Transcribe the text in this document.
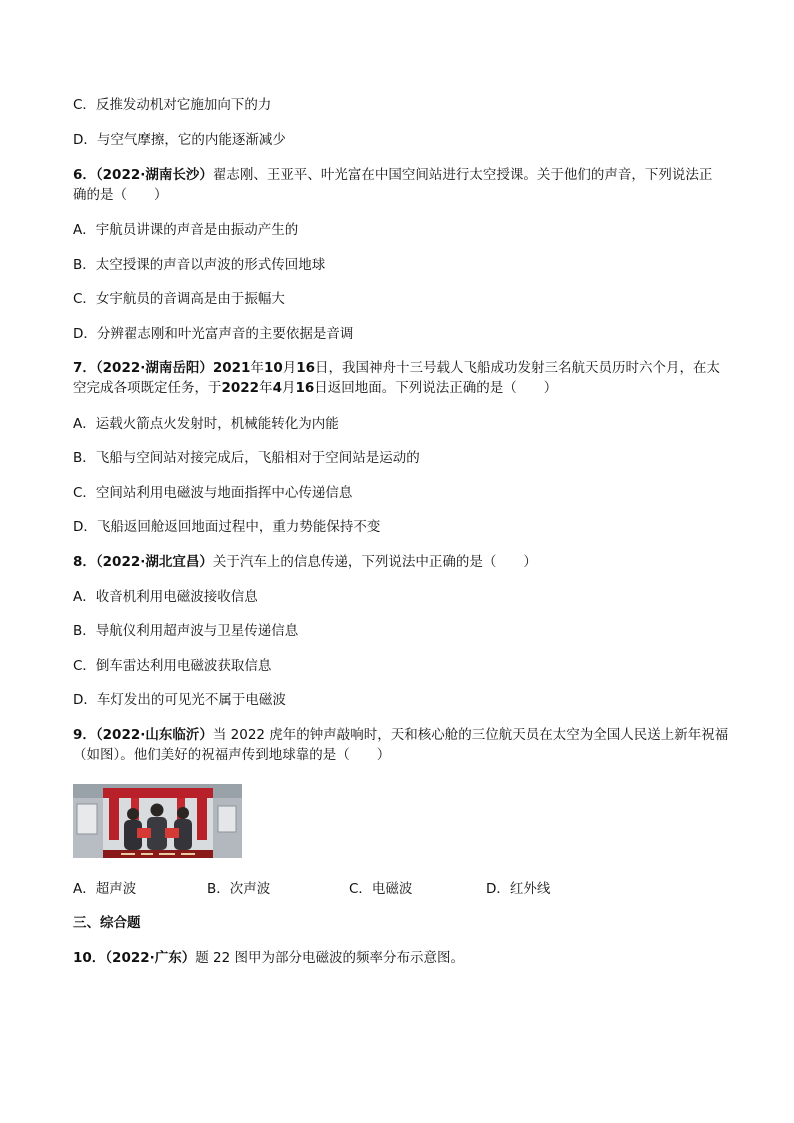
C．反推发动机对它施加向下的力
D．与空气摩擦，它的内能逐渐减少
6．（2022·湖南长沙）翟志刚、王亚平、叶光富在中国空间站进行太空授课。关于他们的声音，下列说法正
确的是（　　）
A．宇航员讲课的声音是由振动产生的
B．太空授课的声音以声波的形式传回地球
C．女宇航员的音调高是由于振幅大
D．分辨翟志刚和叶光富声音的主要依据是音调
7．（2022·湖南岳阳）2021年10月16日，我国神舟十三号载人飞船成功发射三名航天员历时六个月，在太
空完成各项既定任务，于2022年4月16日返回地面。下列说法正确的是（　　）
A．运载火箭点火发射时，机械能转化为内能
B．飞船与空间站对接完成后，飞船相对于空间站是运动的
C．空间站利用电磁波与地面指挥中心传递信息
D．飞船返回舱返回地面过程中，重力势能保持不变
8．（2022·湖北宜昌）关于汽车上的信息传递，下列说法中正确的是（　　）
A．收音机利用电磁波接收信息
B．导航仪利用超声波与卫星传递信息
C．倒车雷达利用电磁波获取信息
D．车灯发出的可见光不属于电磁波
9．（2022·山东临沂）当 2022 虎年的钟声敲响时，天和核心舱的三位航天员在太空为全国人民送上新年祝福
（如图）。他们美好的祝福声传到地球靠的是（　　）
A．超声波	B．次声波	C．电磁波	D．红外线
三、综合题
10．（2022·广东）题 22 图甲为部分电磁波的频率分布示意图。
